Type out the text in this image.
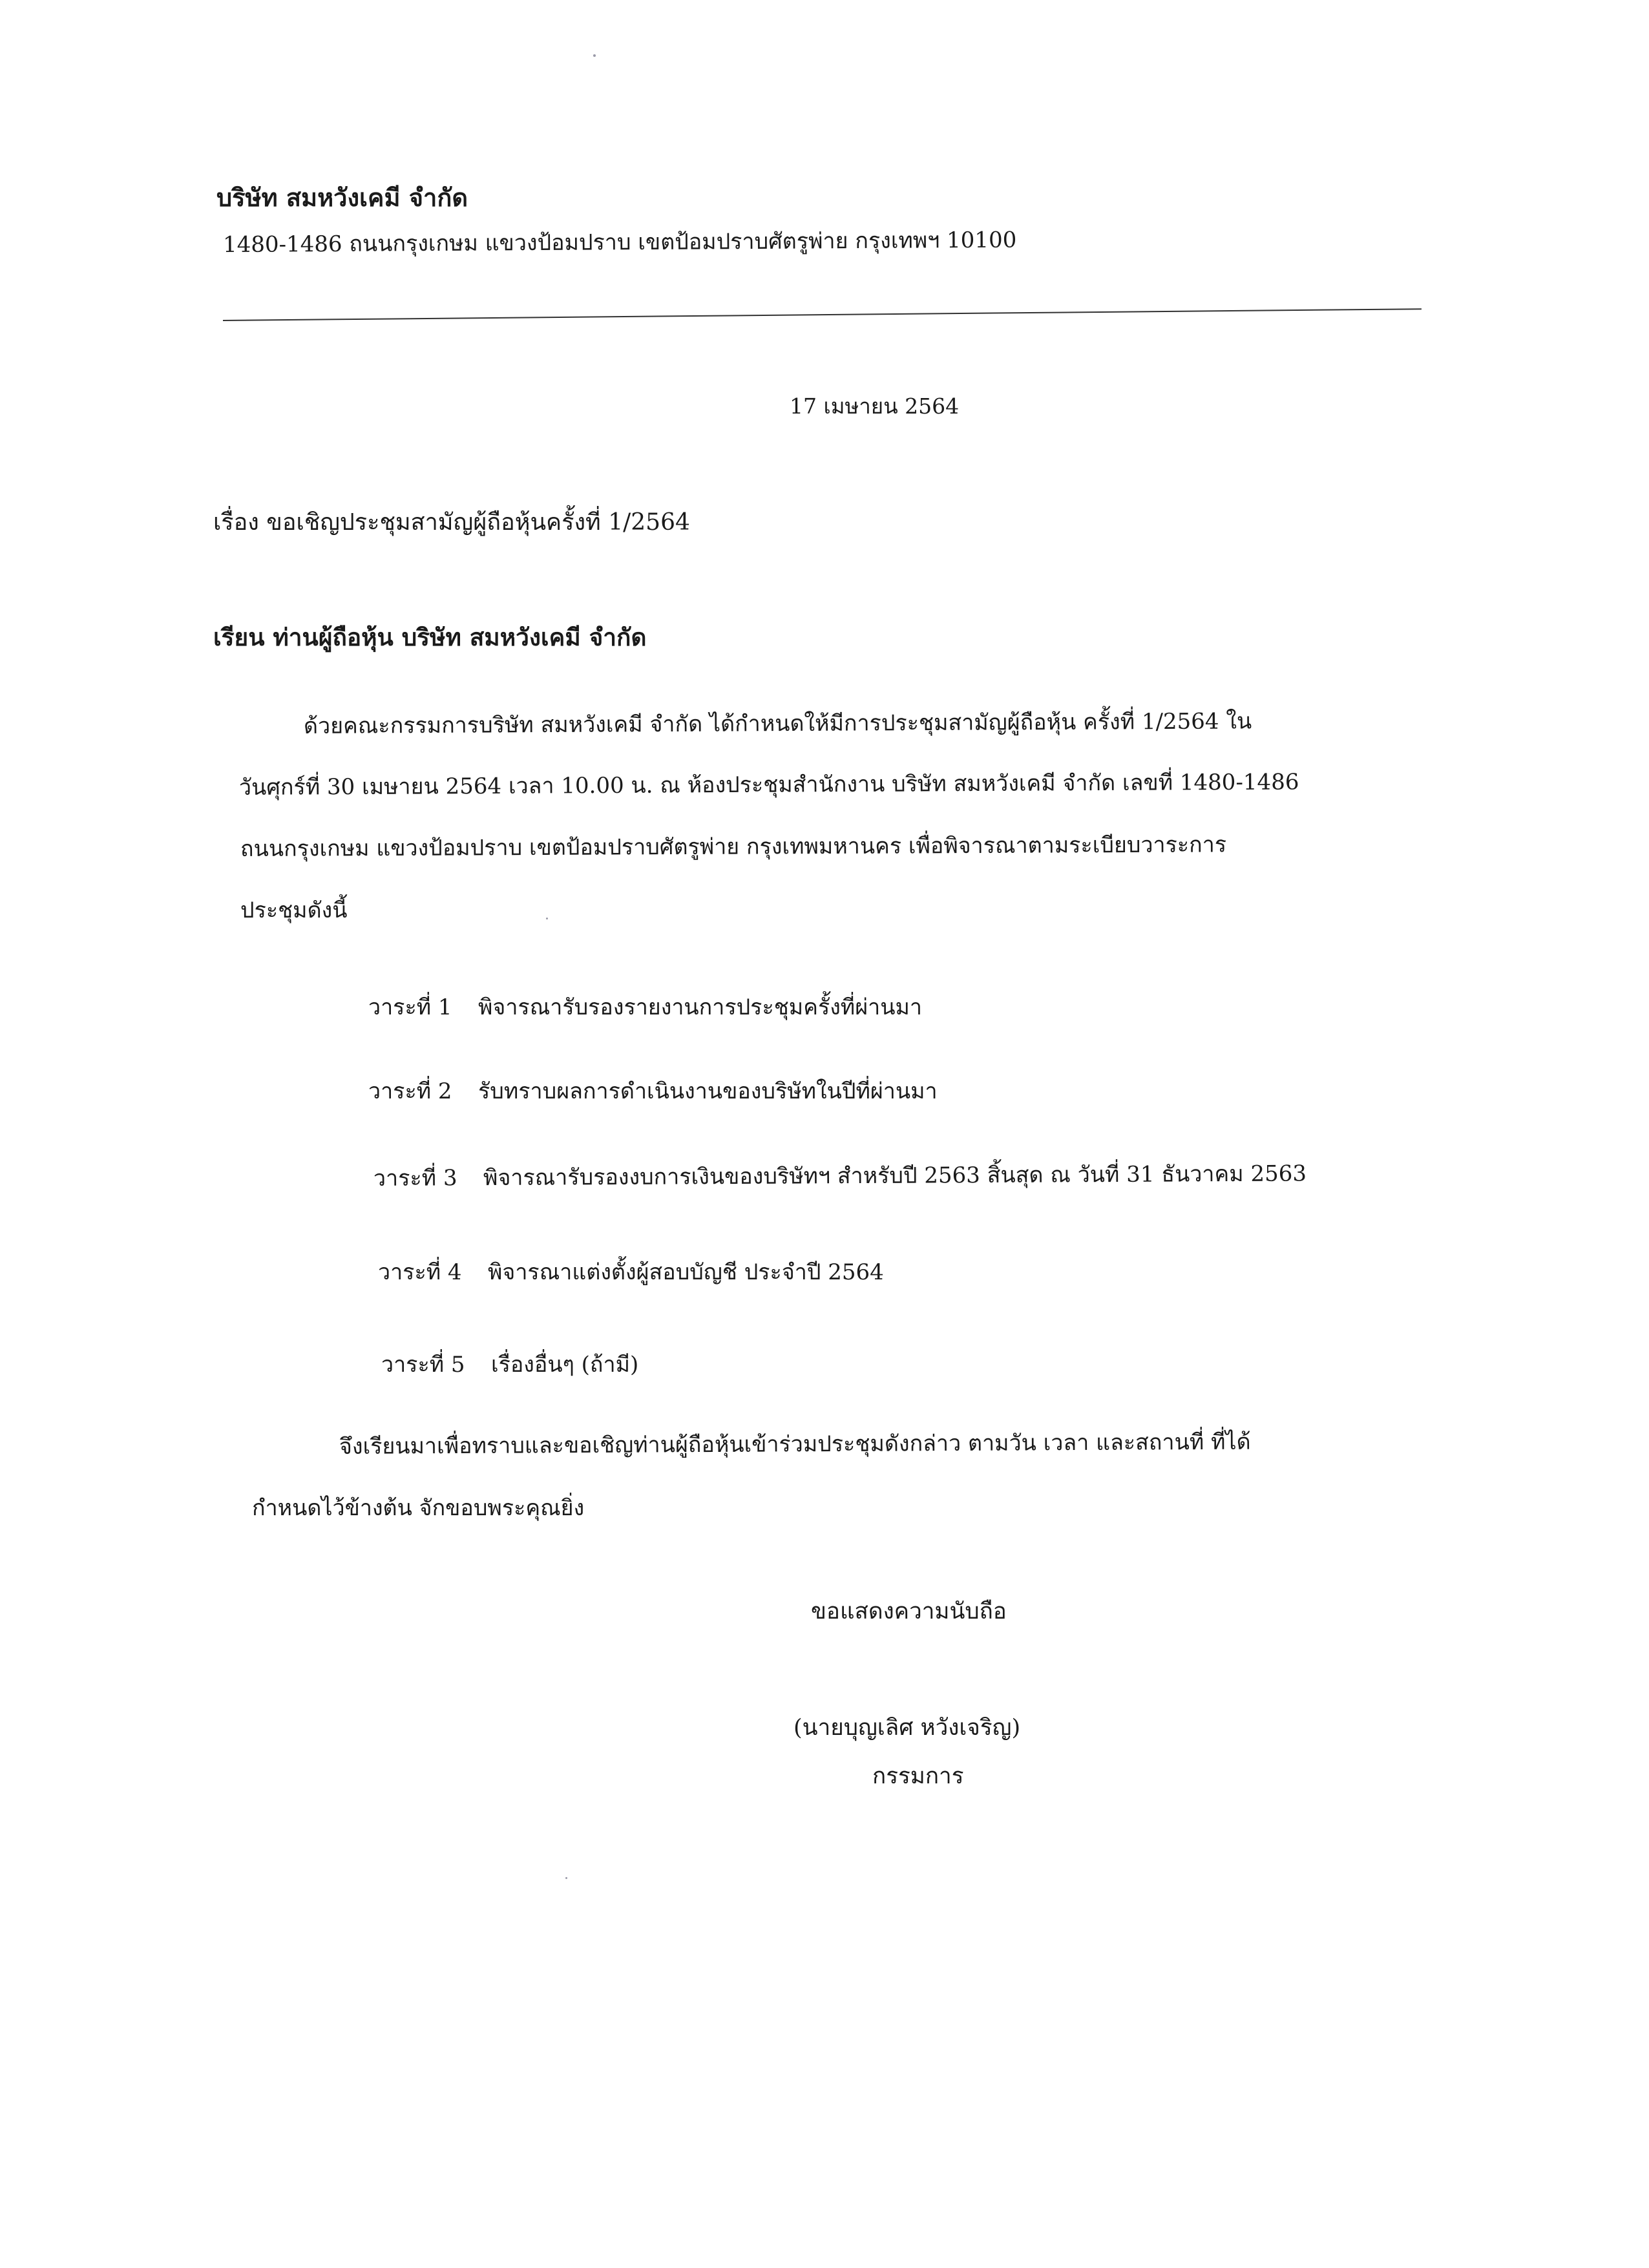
บริษัท สมหวังเคมี จำกัด
1480-1486 ถนนกรุงเกษม แขวงป้อมปราบ เขตป้อมปราบศัตรูพ่าย กรุงเทพฯ 10100
17 เมษายน 2564
เรื่อง ขอเชิญประชุมสามัญผู้ถือหุ้นครั้งที่ 1/2564
เรียน ท่านผู้ถือหุ้น บริษัท สมหวังเคมี จำกัด
ด้วยคณะกรรมการบริษัท สมหวังเคมี จำกัด ได้กำหนดให้มีการประชุมสามัญผู้ถือหุ้น ครั้งที่ 1/2564 ใน
วันศุกร์ที่ 30 เมษายน 2564 เวลา 10.00 น. ณ ห้องประชุมสำนักงาน บริษัท สมหวังเคมี จำกัด เลขที่ 1480-1486
ถนนกรุงเกษม แขวงป้อมปราบ เขตป้อมปราบศัตรูพ่าย กรุงเทพมหานคร เพื่อพิจารณาตามระเบียบวาระการ
ประชุมดังนี้
วาระที่ 1 พิจารณารับรองรายงานการประชุมครั้งที่ผ่านมา
วาระที่ 2 รับทราบผลการดำเนินงานของบริษัทในปีที่ผ่านมา
วาระที่ 3 พิจารณารับรองงบการเงินของบริษัทฯ สำหรับปี 2563 สิ้นสุด ณ วันที่ 31 ธันวาคม 2563
วาระที่ 4 พิจารณาแต่งตั้งผู้สอบบัญชี ประจำปี 2564
วาระที่ 5 เรื่องอื่นๆ (ถ้ามี)
จึงเรียนมาเพื่อทราบและขอเชิญท่านผู้ถือหุ้นเข้าร่วมประชุมดังกล่าว ตามวัน เวลา และสถานที่ ที่ได้
กำหนดไว้ข้างต้น จักขอบพระคุณยิ่ง
ขอแสดงความนับถือ
(นายบุญเลิศ หวังเจริญ)
กรรมการ
